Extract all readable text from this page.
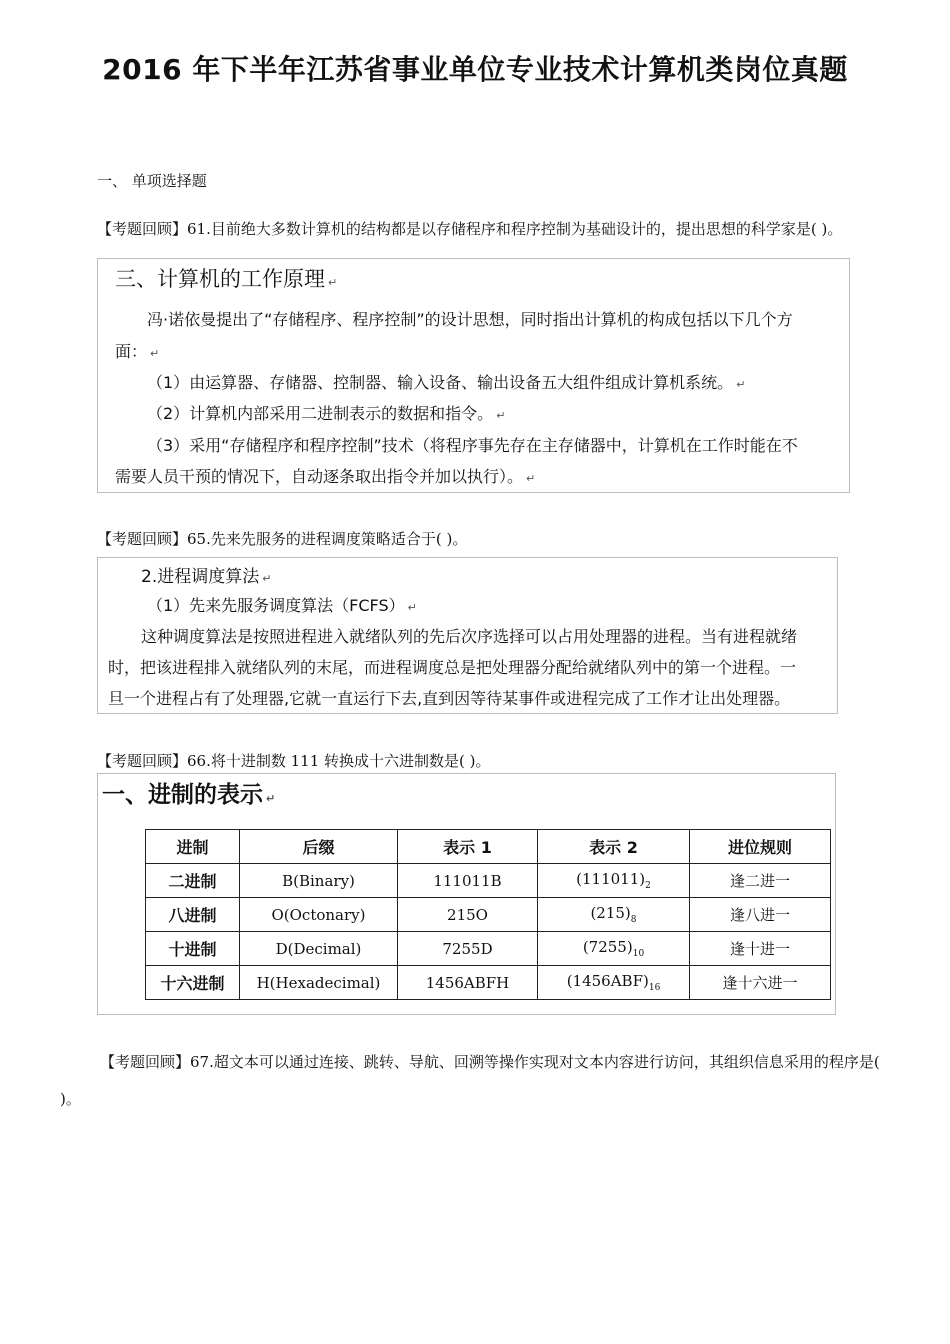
2016 年下半年江苏省事业单位专业技术计算机类岗位真题
一、 单项选择题
【考题回顾】61.目前绝大多数计算机的结构都是以存储程序和程序控制为基础设计的，提出思想的科学家是( )。
三、计算机的工作原理 ↵
冯·诺依曼提出了“存储程序、程序控制”的设计思想，同时指出计算机的构成包括以下几个方
面： ↵
（1）由运算器、存储器、控制器、输入设备、输出设备五大组件组成计算机系统。 ↵
（2）计算机内部采用二进制表示的数据和指令。 ↵
（3）采用“存储程序和程序控制”技术（将程序事先存在主存储器中，计算机在工作时能在不
需要人员干预的情况下，自动逐条取出指令并加以执行）。 ↵
【考题回顾】65.先来先服务的进程调度策略适合于( )。
2.进程调度算法 ↵
（1）先来先服务调度算法（FCFS） ↵
这种调度算法是按照进程进入就绪队列的先后次序选择可以占用处理器的进程。当有进程就绪
时，把该进程排入就绪队列的末尾，而进程调度总是把处理器分配给就绪队列中的第一个进程。一
旦一个进程占有了处理器,它就一直运行下去,直到因等待某事件或进程完成了工作才让出处理器。
【考题回顾】66.将十进制数 111 转换成十六进制数是( )。
一、进制的表示 ↵
进制	后缀	表示 1	表示 2	进位规则
二进制	B(Binary)	111011B	$(111011)_2$	逢二进一
八进制	O(Octonary)	215O	$(215)_8$	逢八进一
十进制	D(Decimal)	7255D	$(7255)_{10}$	逢十进一
十六进制	H(Hexadecimal)	1456ABFH	$(1456ABF)_{16}$	逢十六进一
【考题回顾】67.超文本可以通过连接、跳转、导航、回溯等操作实现对文本内容进行访问，其组织信息采用的程序是( )。
